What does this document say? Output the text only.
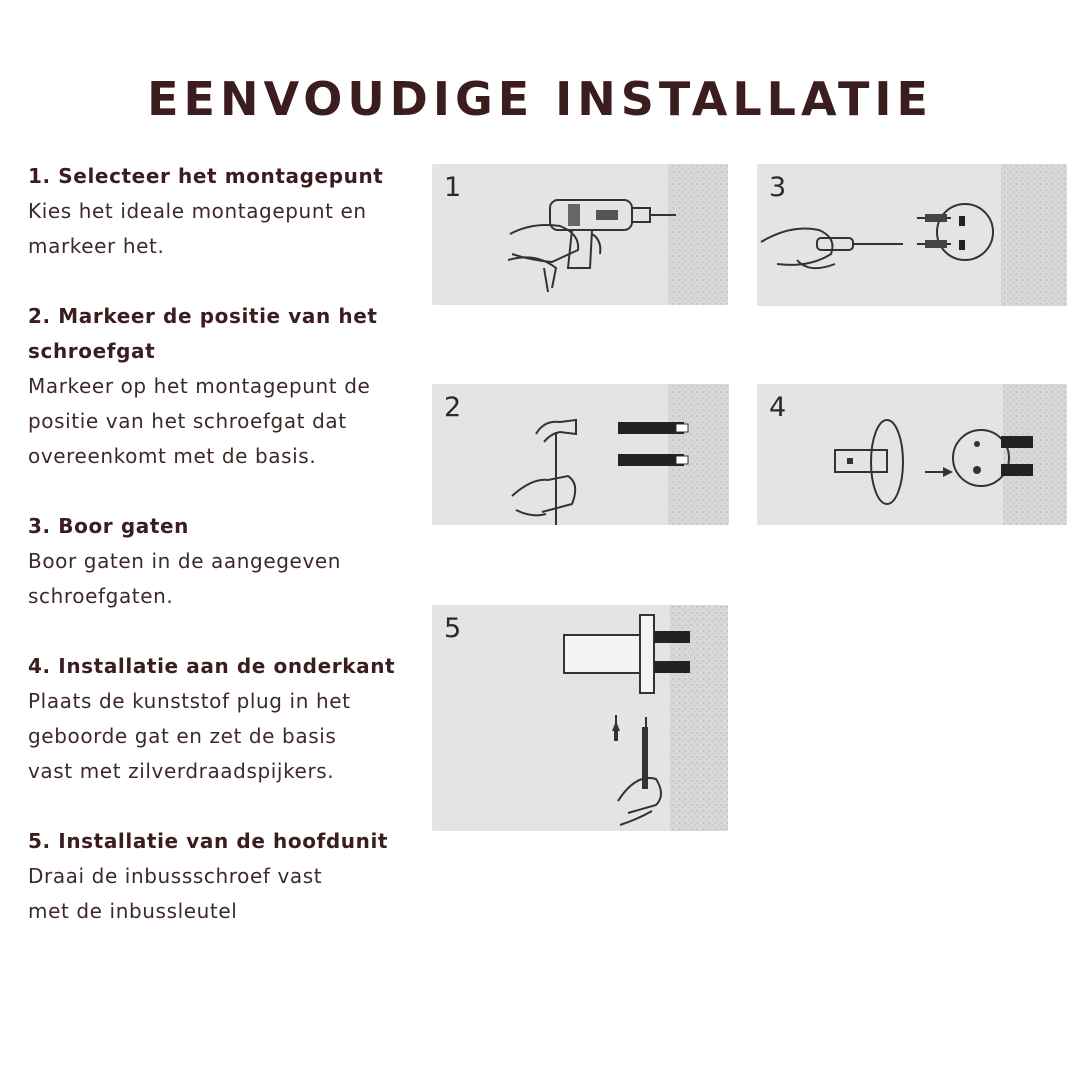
EENVOUDIGE INSTALLATIE
1. Selecteer het montagepunt
Kies het ideale montagepunt en
markeer het.
2. Markeer de positie van het
schroefgat
Markeer op het montagepunt de
positie van het schroefgat dat
overeenkomt met de basis.
3. Boor gaten
Boor gaten in de aangegeven
schroefgaten.
4. Installatie aan de onderkant
Plaats de kunststof plug in het
geboorde gat en zet de basis
vast met zilverdraadspijkers.
5. Installatie van de hoofdunit
Draai de inbussschroef vast
met de inbussleutel
1	3
2	4
5
